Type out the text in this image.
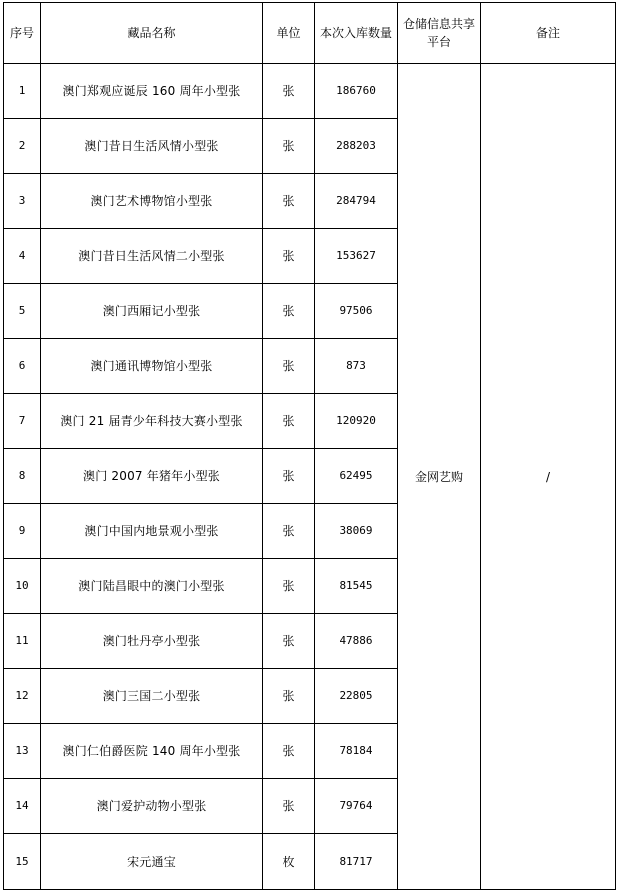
序号	藏品名称	单位	本次入库数量	仓储信息共享平台	备注
1	澳门郑观应诞辰 160 周年小型张	张	186760	金网艺购	/
2	澳门昔日生活风情小型张	张	288203		
3	澳门艺术博物馆小型张	张	284794		
4	澳门昔日生活风情二小型张	张	153627		
5	澳门西厢记小型张	张	97506		
6	澳门通讯博物馆小型张	张	873		
7	澳门 21 届青少年科技大赛小型张	张	120920		
8	澳门 2007 年猪年小型张	张	62495		
9	澳门中国内地景观小型张	张	38069		
10	澳门陆昌眼中的澳门小型张	张	81545		
11	澳门牡丹亭小型张	张	47886		
12	澳门三国二小型张	张	22805		
13	澳门仁伯爵医院 140 周年小型张	张	78184		
14	澳门爱护动物小型张	张	79764		
15	宋元通宝	枚	81717		
